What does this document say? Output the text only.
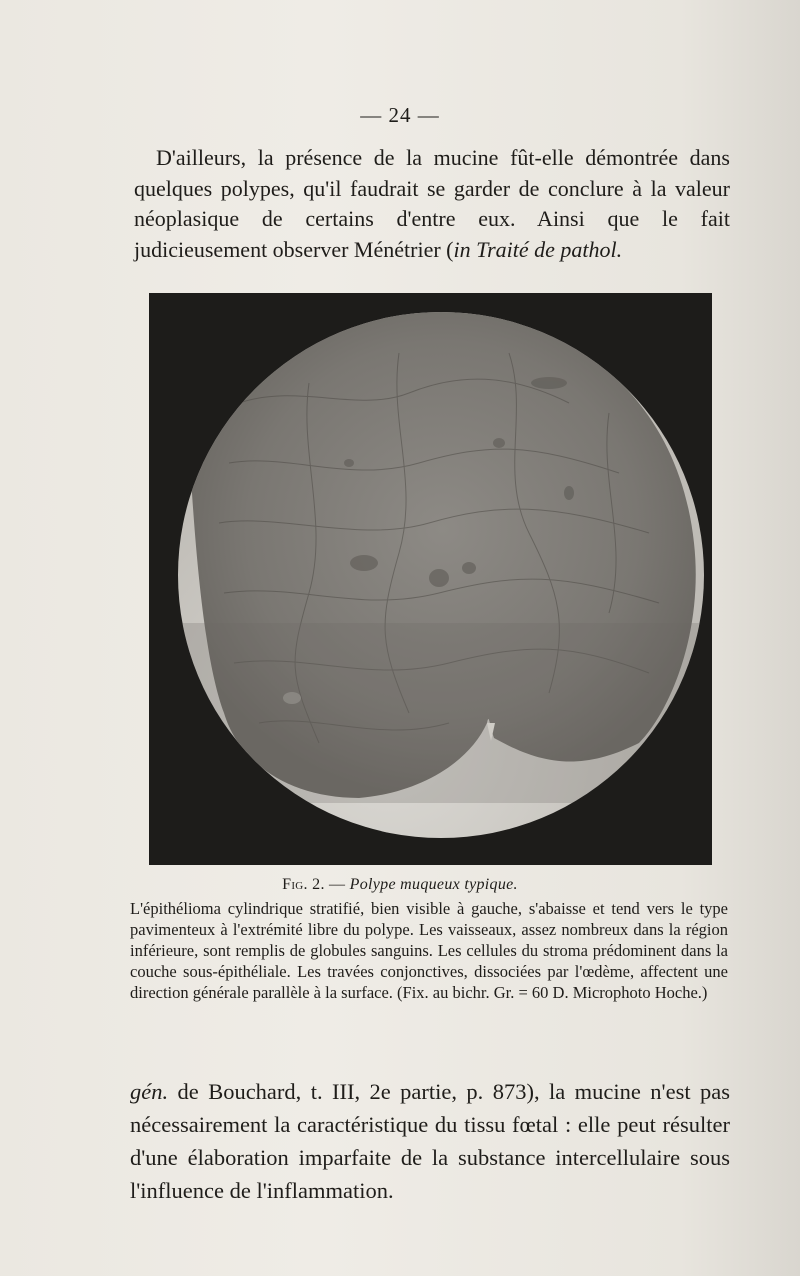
— 24 —

D'ailleurs, la présence de la mucine fût-elle démontrée dans quelques polypes, qu'il faudrait se garder de conclure à la valeur néoplasique de certains d'entre eux. Ainsi que le fait judicieusement observer Ménétrier (in Traité de pathol.

Fig. 2. — Polype muqueux typique.

L'épithélioma cylindrique stratifié, bien visible à gauche, s'abaisse et tend vers le type pavimenteux à l'extrémité libre du polype. Les vaisseaux, assez nombreux dans la région inférieure, sont remplis de globules sanguins. Les cellules du stroma prédominent dans la couche sous-épithéliale. Les travées conjonctives, dissociées par l'œdème, affectent une direction générale parallèle à la surface. (Fix. au bichr. Gr. = 60 D. Microphoto Hoche.)

gén. de Bouchard, t. III, 2e partie, p. 873), la mucine n'est pas nécessairement la caractéristique du tissu fœtal : elle peut résulter d'une élaboration imparfaite de la substance intercellulaire sous l'influence de l'inflammation.
